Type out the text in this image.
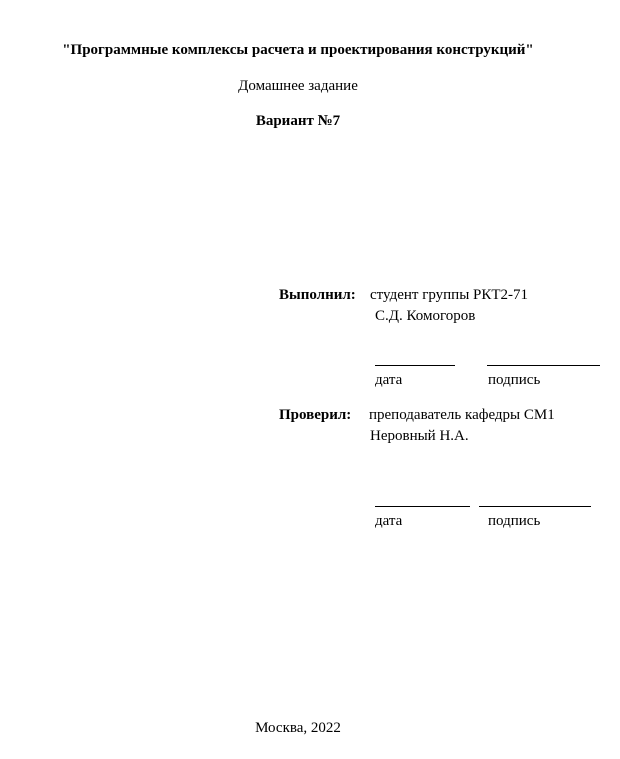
"Программные комплексы расчета и проектирования конструкций"
Домашнее задание
Вариант №7
Выполнил: студент группы РКТ2-71
С.Д. Комогоров
дата	подпись
Проверил: преподаватель кафедры СМ1
Неровный Н.А.
дата	подпись
Москва, 2022
